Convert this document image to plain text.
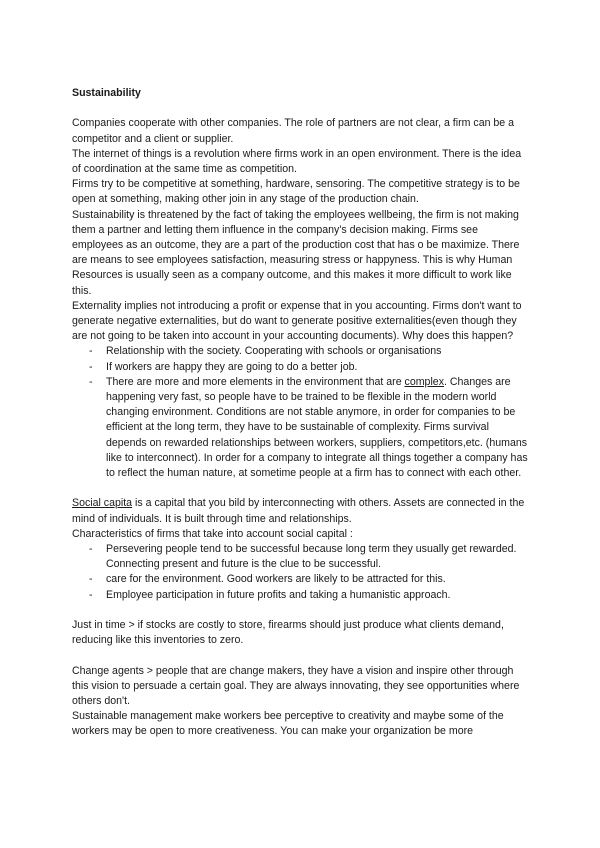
Sustainability

Companies cooperate with other companies. The role of partners are not clear, a firm can be a competitor and a client or supplier.

The internet of things is a revolution where firms work in an open environment. There is the idea of coordination at the same time as competition.

Firms try to be competitive at something, hardware, sensoring. The competitive strategy is to be open at something, making other join in any stage of the production chain.

Sustainability is threatened by the fact of taking the employees wellbeing, the firm is not making them a partner and letting them influence in the company's decision making. Firms see employees as an outcome, they are a part of the production cost that has o be maximize. There are means to see employees satisfaction, measuring stress or happyness. This is why Human Resources is usually seen as a company outcome, and this makes it more difficult to work like this.

Externality implies not introducing a profit or expense that in you accounting. Firms don't want to generate negative externalities, but do want to generate positive externalities(even though they are not going to be taken into account in your accounting documents). Why does this happen?

- Relationship with the society. Cooperating with schools or organisations
- If workers are happy they are going to do a better job.
- There are more and more elements in the environment that are complex. Changes are happening very fast, so people have to be trained to be flexible in the modern world changing environment. Conditions are not stable anymore, in order for companies to be efficient at the long term, they have to be sustainable of complexity. Firms survival depends on rewarded relationships between workers, suppliers, competitors,etc. (humans like to interconnect). In order for a company to integrate all things together a company has to reflect the human nature, at sometime people at a firm has to connect with each other.

Social capita is a capital that you bild by interconnecting with others. Assets are connected in the mind of individuals. It is built through time and relationships.

Characteristics of firms that take into account social capital :

- Persevering people tend to be successful because long term they usually get rewarded. Connecting present and future is the clue to be successful.
- care for the environment. Good workers are likely to be attracted for this.
- Employee participation in future profits and taking a humanistic approach.

Just in time > if stocks are costly to store, firearms should just produce what clients demand, reducing like this inventories to zero.

Change agents > people that are change makers, they have a vision and inspire other through this vision to persuade a certain goal. They are always innovating, they see opportunities where others don't.

Sustainable management make workers bee perceptive to creativity and maybe some of the workers may be open to more creativeness. You can make your organization be more
